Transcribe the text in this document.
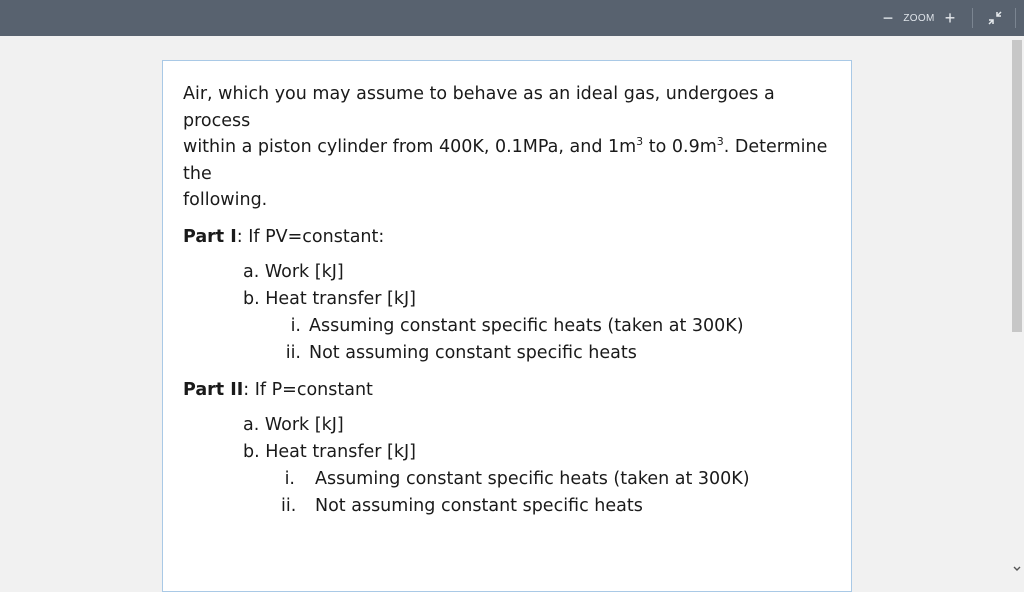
−	ZOOM +

Air, which you may assume to behave as an ideal gas, undergoes a process
within a piston cylinder from 400K, 0.1MPa, and $1m^3$ to $0.9m^3$. Determine the
following.

Part I: If PV=constant:
a. Work [kJ]
b. Heat transfer [kJ]
i. Assuming constant specific heats (taken at 300K)
ii. Not assuming constant specific heats
Part II: If P=constant
a. Work [kJ]
b. Heat transfer [kJ]
i. Assuming constant specific heats (taken at 300K)
ii. Not assuming constant specific heats
